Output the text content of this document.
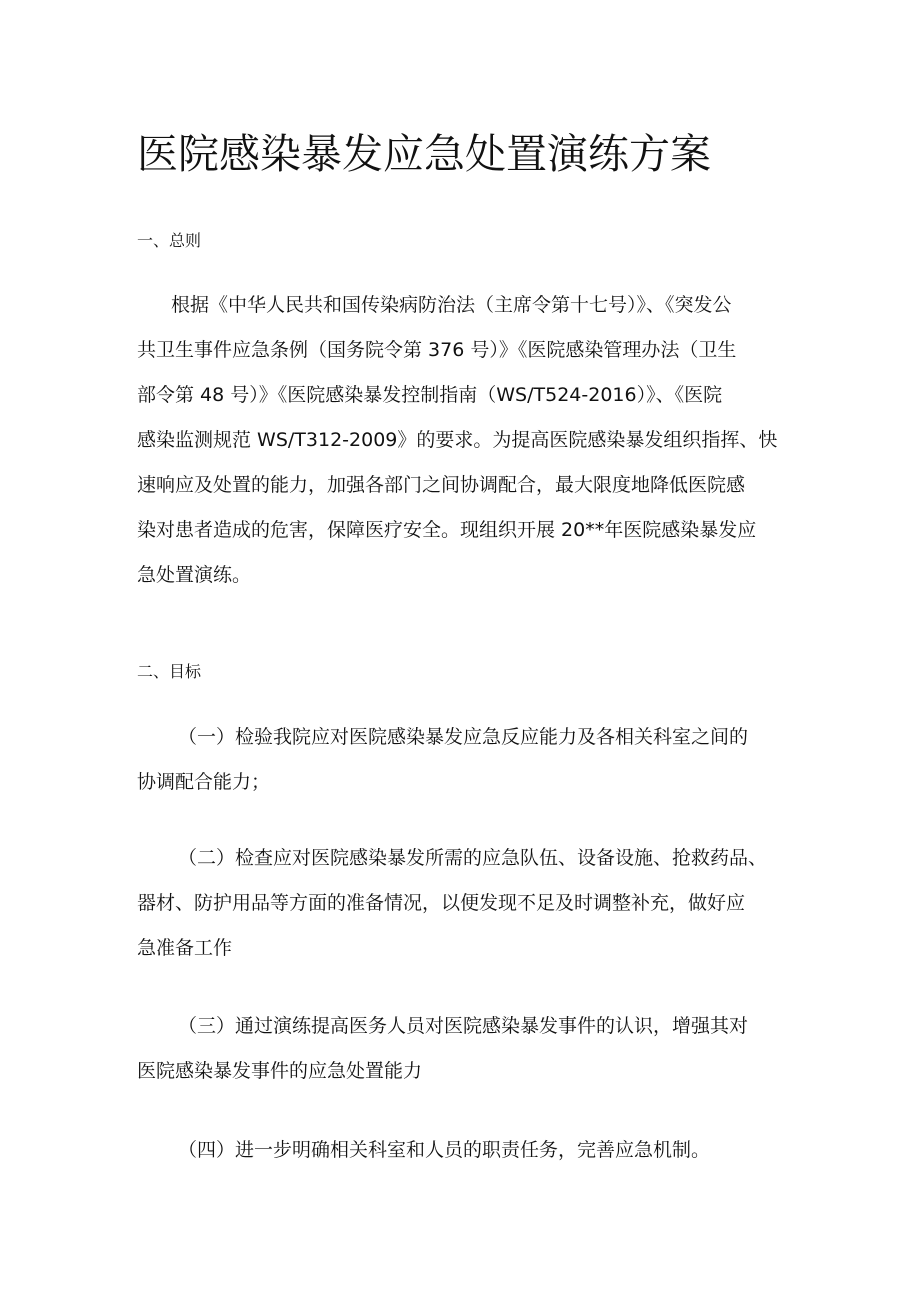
医院感染暴发应急处置演练方案
一、总则
根据《中华人民共和国传染病防治法（主席令第十七号）》、《突发公
共卫生事件应急条例（国务院令第 376 号）》《医院感染管理办法（卫生
部令第 48 号）》《医院感染暴发控制指南（WS/T524-2016）》、《医院
感染监测规范 WS/T312-2009》的要求。为提高医院感染暴发组织指挥、快
速响应及处置的能力，加强各部门之间协调配合，最大限度地降低医院感
染对患者造成的危害，保障医疗安全。现组织开展 20**年医院感染暴发应
急处置演练。
二、目标
（一）检验我院应对医院感染暴发应急反应能力及各相关科室之间的
协调配合能力；
（二）检查应对医院感染暴发所需的应急队伍、设备设施、抢救药品、
器材、防护用品等方面的准备情况，以便发现不足及时调整补充，做好应
急准备工作
（三）通过演练提高医务人员对医院感染暴发事件的认识，增强其对
医院感染暴发事件的应急处置能力
（四）进一步明确相关科室和人员的职责任务，完善应急机制。
